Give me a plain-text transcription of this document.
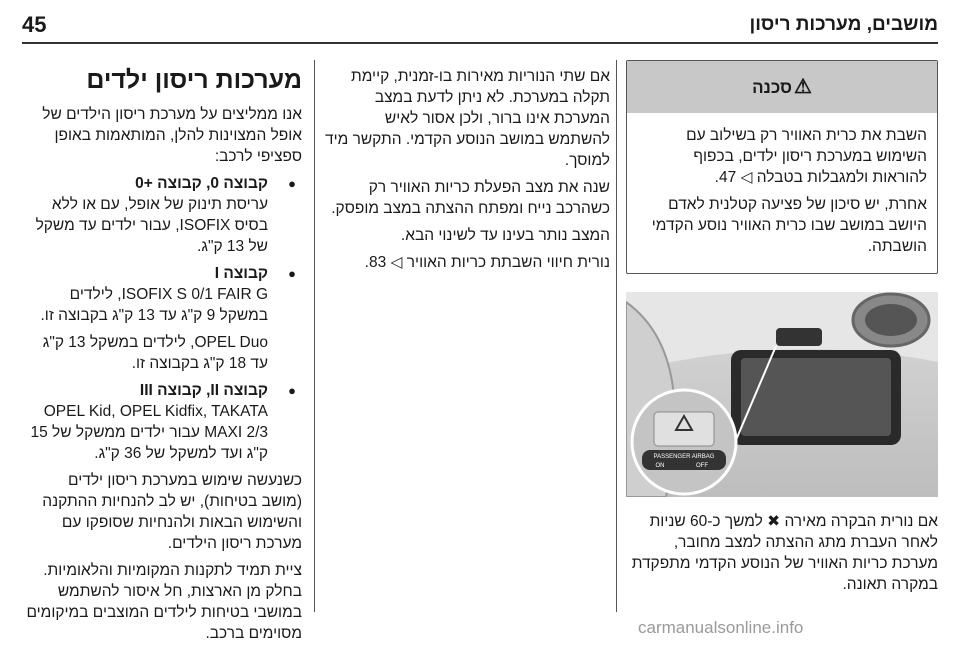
מושבים, מערכות ריסון
45
⚠
סכנה

השבת את כרית האוויר רק בשילוב עם השימוש במערכת ריסון ילדים, בכפוף להוראות ולמגבלות בטבלה ◁ 47.

אחרת, יש סיכון של פציעה קטלנית לאדם היושב במושב שבו כרית האוויר נוסע הקדמי הושבתה.

PASSENGER AIRBAG
ON	OFF

אם נורית הבקרה מאירה ✖ למשך כ-60 שניות לאחר העברת מתג ההצתה למצב מחובר, מערכת כריות האוויר של הנוסע הקדמי מתפקדת במקרה תאונה.

אם שתי הנוריות מאירות בו-זמנית, קיימת תקלה במערכת. לא ניתן לדעת במצב המערכת אינו ברור, ולכן אסור לאיש להשתמש במושב הנוסע הקדמי. התקשר מיד למוסך.

שנה את מצב הפעלת כריות האוויר רק כשהרכב נייח ומפתח ההצתה במצב מופסק.

המצב נותר בעינו עד לשינוי הבא.

נורית חיווי השבתת כריות האוויר ◁ 83.

מערכות ריסון ילדים

אנו ממליצים על מערכת ריסון הילדים של אופל המצוינות להלן, המותאמות באופן ספציפי לרכב:

● קבוצה 0, קבוצה +0
עריסת תינוק של אופל, עם או ללא בסיס ISOFIX, עבור ילדים עד משקל של 13 ק"ג.
● קבוצה I
ISOFIX S 0/1 FAIR G, לילדים במשקל 9 ק"ג עד 13 ק"ג בקבוצה זו.
OPEL Duo, לילדים במשקל 13 ק"ג עד 18 ק"ג בקבוצה זו.
● קבוצה II, קבוצה III
OPEL Kid, OPEL Kidfix, TAKATA MAXI 2/3 עבור ילדים ממשקל של 15 ק"ג ועד למשקל של 36 ק"ג.

כשנעשה שימוש במערכת ריסון ילדים (מושב בטיחות), יש לב להנחיות ההתקנה והשימוש הבאות ולהנחיות שסופקו עם מערכת ריסון הילדים.

ציית תמיד לתקנות המקומיות והלאומיות. בחלק מן הארצות, חל איסור להשתמש במושבי בטיחות לילדים המוצבים במיקומים מסוימים ברכב.	carmanualsonline.info
